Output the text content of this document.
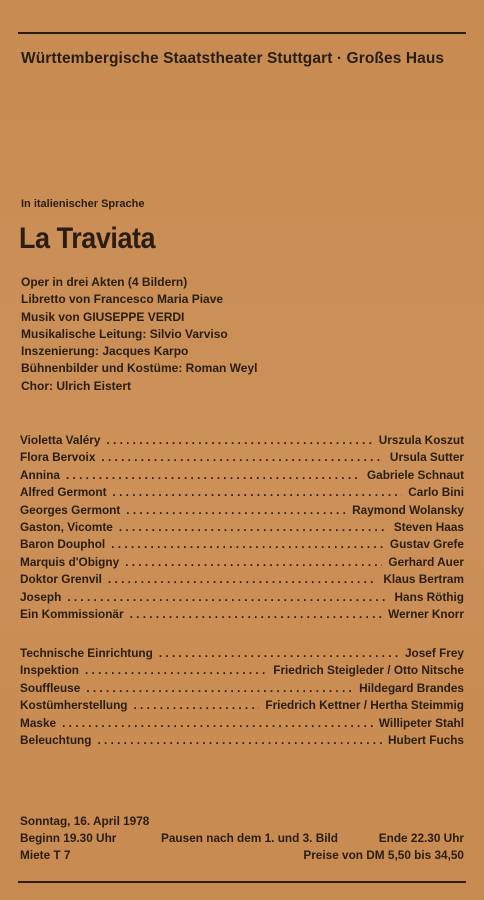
Württembergische Staatstheater Stuttgart · Großes Haus
In italienischer Sprache
La Traviata
Oper in drei Akten (4 Bildern)
Libretto von Francesco Maria Piave
Musik von GIUSEPPE VERDI
Musikalische Leitung: Silvio Varviso
Inszenierung: Jacques Karpo
Bühnenbilder und Kostüme: Roman Weyl
Chor: Ulrich Eistert
Violetta Valéry . . .	Urszula Koszut
Flora Bervoix . . .	Ursula Sutter
Annina . . .	Gabriele Schnaut
Alfred Germont . . .	Carlo Bini
Georges Germont . . .	Raymond Wolansky
Gaston, Vicomte . . .	Steven Haas
Baron Douphol . . .	Gustav Grefe
Marquis d'Obigny . . .	Gerhard Auer
Doktor Grenvil . . .	Klaus Bertram
Joseph . . .	Hans Röthig
Ein Kommissionär . . .	Werner Knorr
Technische Einrichtung . . .	Josef Frey
Inspektion . . .	Friedrich Steigleder / Otto Nitsche
Souffleuse . . .	Hildegard Brandes
Kostümherstellung . . .	Friedrich Kettner / Hertha Steimmig
Maske . . .	Willipeter Stahl
Beleuchtung . . .	Hubert Fuchs
Sonntag, 16. April 1978
Beginn 19.30 Uhr
Miete T 7
Pausen nach dem 1. und 3. Bild	Ende 22.30 Uhr
Preise von DM 5,50 bis 34,50
